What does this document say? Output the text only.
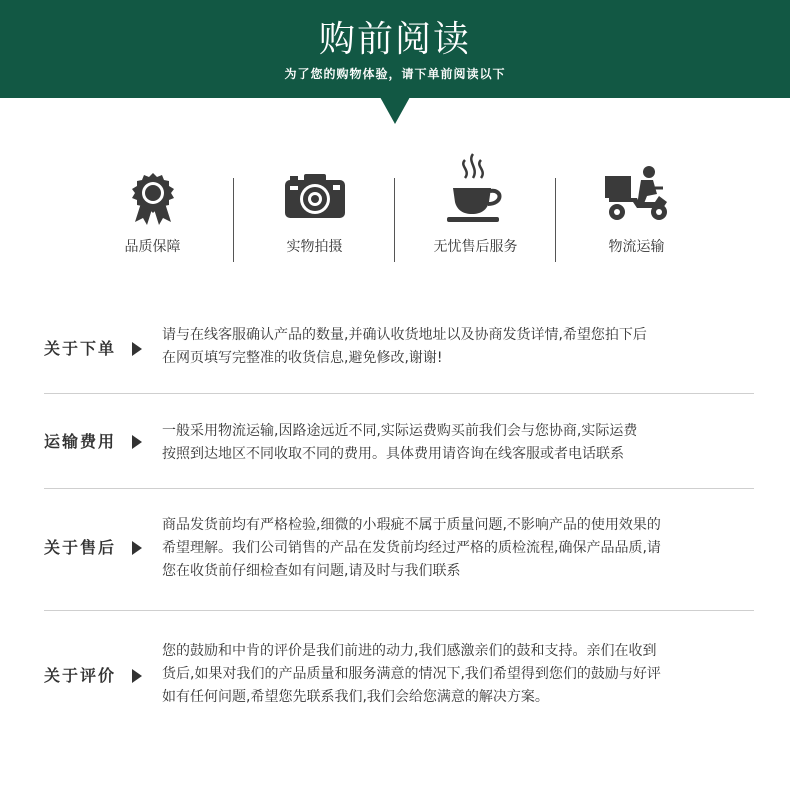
购前阅读
为了您的购物体验，请下单前阅读以下
品质保障	实物拍摄	无忧售后服务	物流运输
关于下单
请与在线客服确认产品的数量,并确认收货地址以及协商发货详情,希望您拍下后
在网页填写完整准的收货信息,避免修改,谢谢!
运输费用
一般采用物流运输,因路途远近不同,实际运费购买前我们会与您协商,实际运费
按照到达地区不同收取不同的费用。具体费用请咨询在线客服或者电话联系
关于售后
商品发货前均有严格检验,细微的小瑕疵不属于质量问题,不影响产品的使用效果的
希望理解。我们公司销售的产品在发货前均经过严格的质检流程,确保产品品质,请
您在收货前仔细检查如有问题,请及时与我们联系
关于评价
您的鼓励和中肯的评价是我们前进的动力,我们感激亲们的鼓和支持。亲们在收到
货后,如果对我们的产品质量和服务满意的情况下,我们希望得到您们的鼓励与好评
如有任何问题,希望您先联系我们,我们会给您满意的解决方案。
